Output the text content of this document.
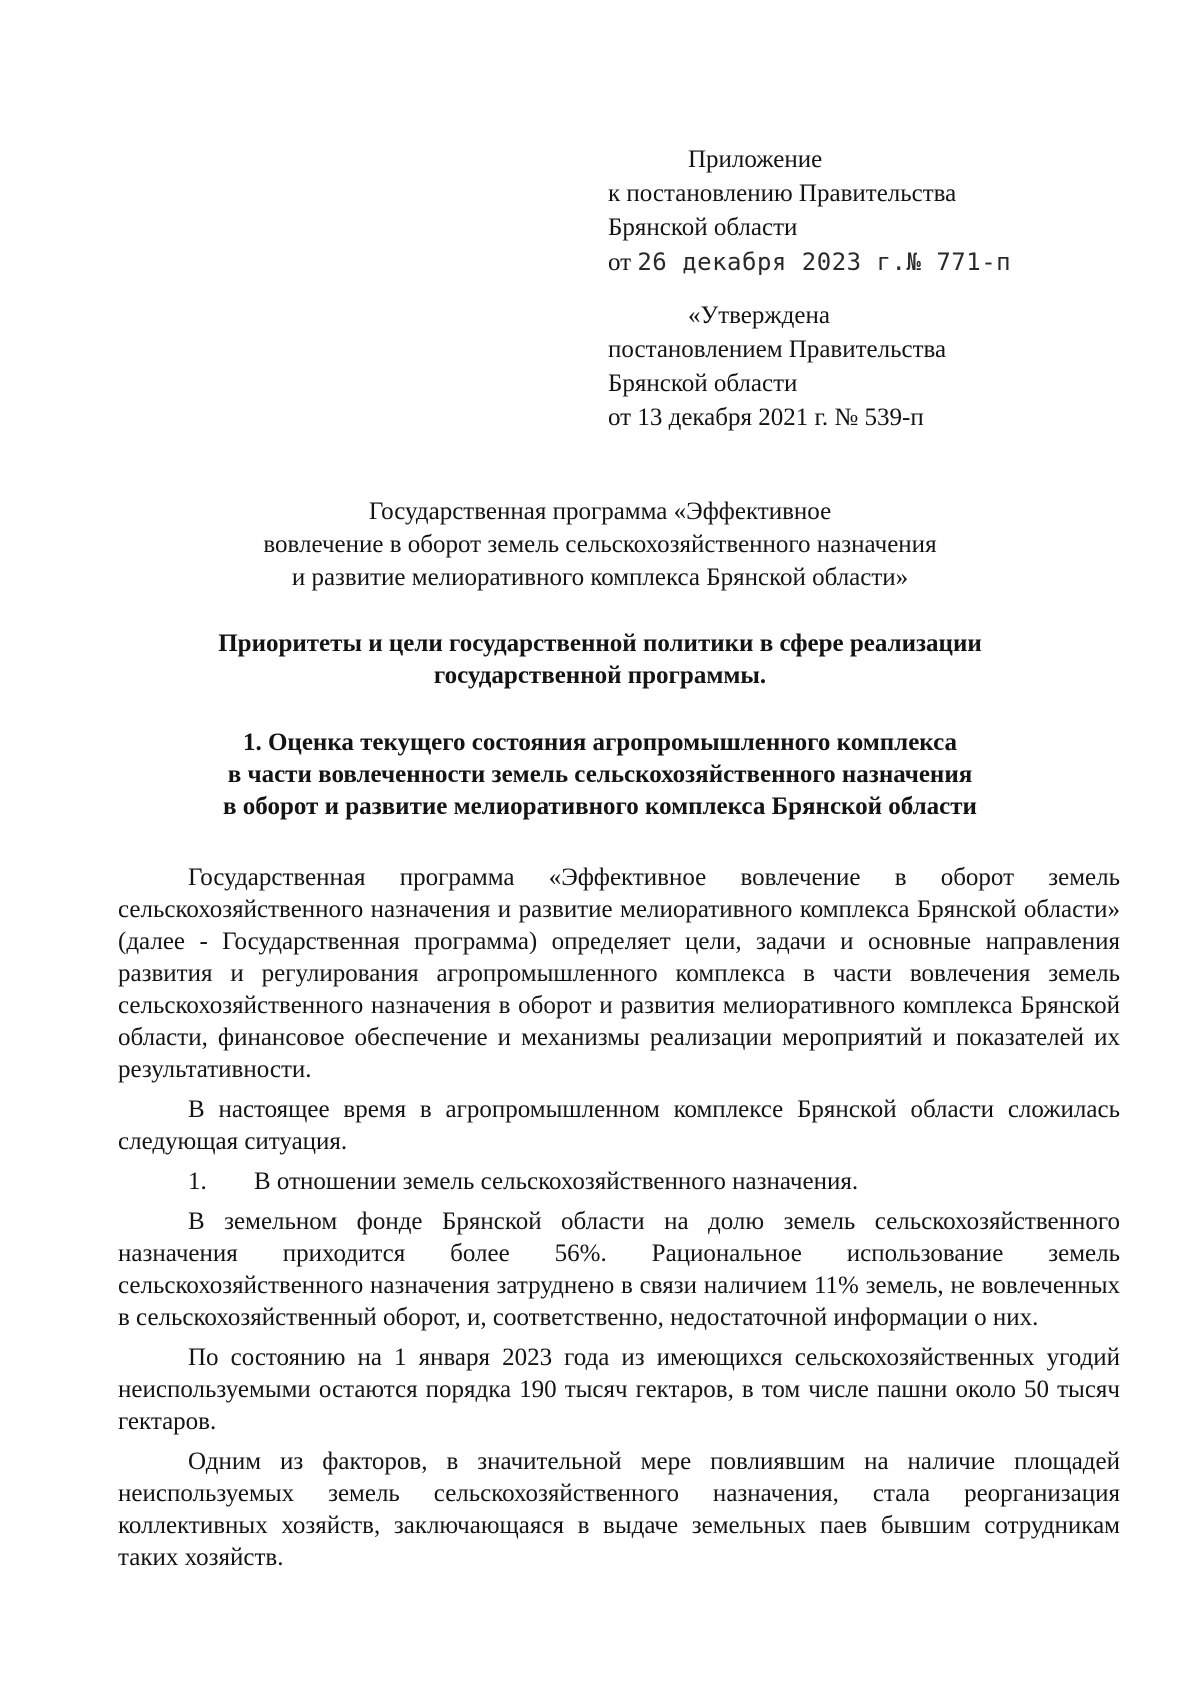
Приложение
к постановлению Правительства
Брянской области
от 26 декабря 2023 г.№ 771-п
«Утверждена
постановлением Правительства
Брянской области
от 13 декабря 2021 г. № 539-п
Государственная программа «Эффективное
вовлечение в оборот земель сельскохозяйственного назначения
и развитие мелиоративного комплекса Брянской области»
Приоритеты и цели государственной политики в сфере реализации
государственной программы.
1. Оценка текущего состояния агропромышленного комплекса
в части вовлеченности земель сельскохозяйственного назначения
в оборот и развитие мелиоративного комплекса Брянской области

Государственная программа «Эффективное вовлечение в оборот земель сельскохозяйственного назначения и развитие мелиоративного комплекса Брянской области» (далее - Государственная программа) определяет цели, задачи и основные направления развития и регулирования агропромышленного комплекса в части вовлечения земель сельскохозяйственного назначения в оборот и развития мелиоративного комплекса Брянской области, финансовое обеспечение и механизмы реализации мероприятий и показателей их результативности.

В настоящее время в агропромышленном комплексе Брянской области сложилась следующая ситуация.

1. В отношении земель сельскохозяйственного назначения.

В земельном фонде Брянской области на долю земель сельскохозяйственного назначения приходится более 56%. Рациональное использование земель сельскохозяйственного назначения затруднено в связи наличием 11% земель, не вовлеченных в сельскохозяйственный оборот, и, соответственно, недостаточной информации о них.

По состоянию на 1 января 2023 года из имеющихся сельскохозяйственных угодий неиспользуемыми остаются порядка 190 тысяч гектаров, в том числе пашни около 50 тысяч гектаров.

Одним из факторов, в значительной мере повлиявшим на наличие площадей неиспользуемых земель сельскохозяйственного назначения, стала реорганизация коллективных хозяйств, заключающаяся в выдаче земельных паев бывшим сотрудникам таких хозяйств.
